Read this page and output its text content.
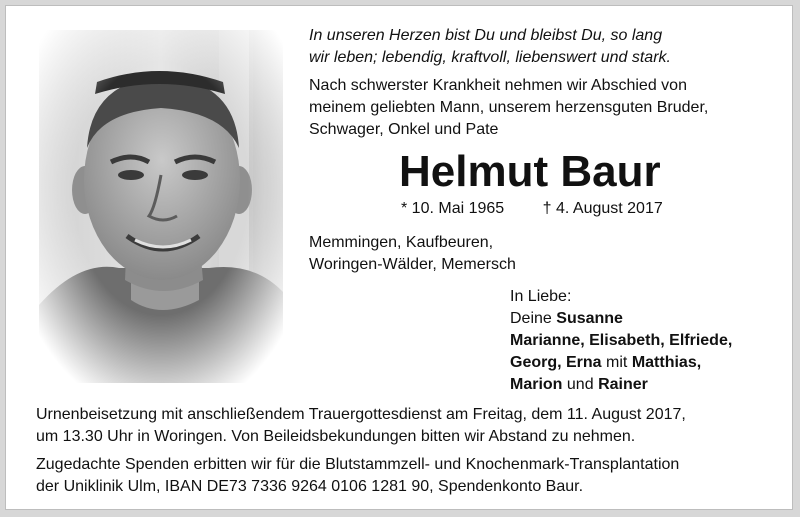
In unseren Herzen bist Du und bleibst Du, so lang
wir leben; lebendig, kraftvoll, liebenswert und stark.
Nach schwerster Krankheit nehmen wir Abschied von
meinem geliebten Mann, unserem herzensguten Bruder,
Schwager, Onkel und Pate
Helmut Baur
* 10. Mai 1965 † 4. August 2017
Memmingen, Kaufbeuren,
Woringen-Wälder, Memersch
In Liebe:
Deine Susanne
Marianne, Elisabeth, Elfriede,
Georg, Erna mit Matthias,
Marion und Rainer
Urnenbeisetzung mit anschließendem Trauergottesdienst am Freitag, dem 11. August 2017,
um 13.30 Uhr in Woringen. Von Beileidsbekundungen bitten wir Abstand zu nehmen.
Zugedachte Spenden erbitten wir für die Blutstammzell- und Knochenmark-Transplantation
der Uniklinik Ulm, IBAN DE73 7336 9264 0106 1281 90, Spendenkonto Baur.
